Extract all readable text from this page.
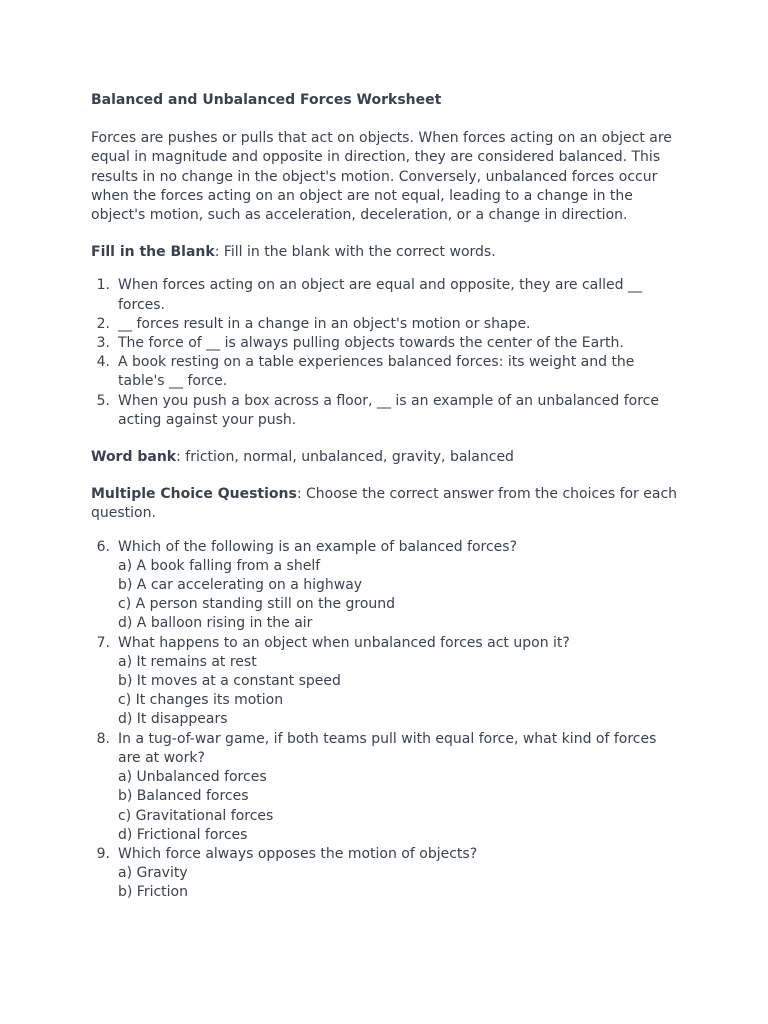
Balanced and Unbalanced Forces Worksheet
Forces are pushes or pulls that act on objects. When forces acting on an object are equal in magnitude and opposite in direction, they are considered balanced. This results in no change in the object's motion. Conversely, unbalanced forces occur when the forces acting on an object are not equal, leading to a change in the object's motion, such as acceleration, deceleration, or a change in direction.
Fill in the Blank: Fill in the blank with the correct words.
1. When forces acting on an object are equal and opposite, they are called __ forces.
2. __ forces result in a change in an object's motion or shape.
3. The force of __ is always pulling objects towards the center of the Earth.
4. A book resting on a table experiences balanced forces: its weight and the table's __ force.
5. When you push a box across a floor, __ is an example of an unbalanced force acting against your push.
Word bank: friction, normal, unbalanced, gravity, balanced
Multiple Choice Questions: Choose the correct answer from the choices for each question.
6. Which of the following is an example of balanced forces?
a) A book falling from a shelf
b) A car accelerating on a highway
c) A person standing still on the ground
d) A balloon rising in the air
7. What happens to an object when unbalanced forces act upon it?
a) It remains at rest
b) It moves at a constant speed
c) It changes its motion
d) It disappears
8. In a tug-of-war game, if both teams pull with equal force, what kind of forces are at work?
a) Unbalanced forces
b) Balanced forces
c) Gravitational forces
d) Frictional forces
9. Which force always opposes the motion of objects?
a) Gravity
b) Friction
